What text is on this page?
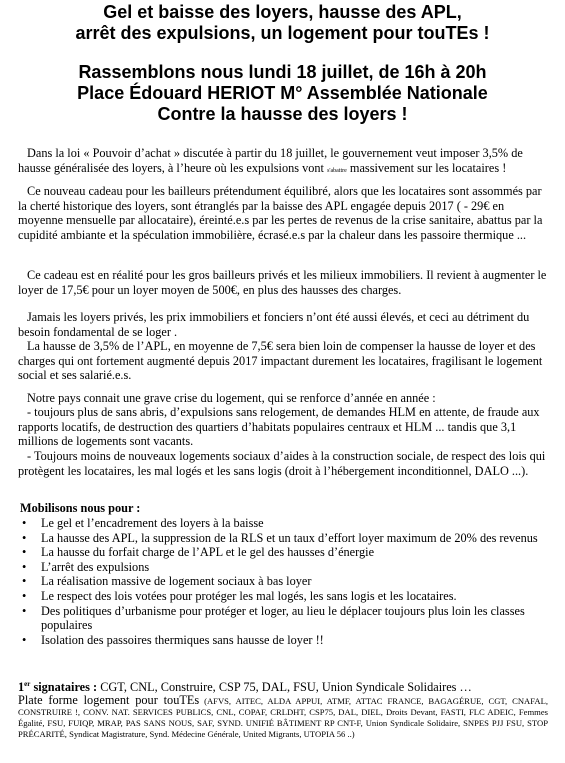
Gel et baisse des loyers, hausse des APL,

arrêt des expulsions, un logement pour touTEs !

Rassemblons nous lundi 18 juillet, de 16h à 20h

Place Édouard HERIOT M° Assemblée Nationale

Contre la hausse des loyers !

Dans la loi « Pouvoir d’achat » discutée à partir du 18 juillet, le gouvernement veut imposer 3,5% de hausse généralisée des loyers, à l’heure où les expulsions vont s'abattre massivement sur les locataires !

Ce nouveau cadeau pour les bailleurs prétendument équilibré, alors que les locataires sont assommés par la cherté historique des loyers, sont étranglés par la baisse des APL engagée depuis 2017 ( - 29€ en moyenne mensuelle par allocataire), éreinté.e.s par les pertes de revenus de la crise sanitaire, abattus par la cupidité ambiante et la spéculation immobilière, écrasé.e.s par la chaleur dans les passoire thermique ...

Ce cadeau est en réalité pour les gros bailleurs privés et les milieux immobiliers. Il revient à augmenter le loyer de 17,5€ pour un loyer moyen de 500€, en plus des hausses des charges.

Jamais les loyers privés, les prix immobiliers et fonciers n’ont été aussi élevés, et ceci au détriment du besoin fondamental de se loger .

La hausse de 3,5% de l’APL, en moyenne de 7,5€ sera bien loin de compenser la hausse de loyer et des charges qui ont fortement augmenté depuis 2017 impactant durement les locataires, fragilisant le logement social et ses salarié.e.s.

Notre pays connait une grave crise du logement, qui se renforce d’année en année :

- toujours plus de sans abris, d’expulsions sans relogement, de demandes HLM en attente, de fraude aux rapports locatifs, de destruction des quartiers d’habitats populaires centraux et HLM ... tandis que 3,1 millions de logements sont vacants.

- Toujours moins de nouveaux logements sociaux d’aides à la construction sociale, de respect des lois qui protègent les locataires, les mal logés et les sans logis (droit à l’hébergement inconditionnel, DALO ...).

Mobilisons nous pour :
• Le gel et l’encadrement des loyers à la baisse
• La hausse des APL, la suppression de la RLS et un taux d’effort loyer maximum de 20% des revenus
• La hausse du forfait charge de l’APL et le gel des hausses d’énergie
• L’arrêt des expulsions
• La réalisation massive de logement sociaux à bas loyer
• Le respect des lois votées pour protéger les mal logés, les sans logis et les locataires.
• Des politiques d’urbanisme pour protéger et loger, au lieu le déplacer toujours plus loin les classes populaires
• Isolation des passoires thermiques sans hausse de loyer !!
1er signataires : CGT, CNL, Construire, CSP 75, DAL, FSU, Union Syndicale Solidaires …
Plate forme logement pour touTEs (AFVS, AITEC, ALDA APPUI, ATMF, ATTAC FRANCE, BAGAGÉRUE, CGT, CNAFAL, CONSTRUIRE !, CONV. NAT. SERVICES PUBLICS, CNL, COPAF, CRLDHT, CSP75, DAL, DIEL, Droits Devant, FASTI, FLC ADEIC, Femmes Égalité, FSU, FUIQP, MRAP, PAS SANS NOUS, SAF, SYND. UNIFIÉ BÂTIMENT RP CNT-F, Union Syndicale Solidaire, SNPES PJJ FSU, STOP PRÉCARITÉ, Syndicat Magistrature, Synd. Médecine Générale, United Migrants, UTOPIA 56 ..)
